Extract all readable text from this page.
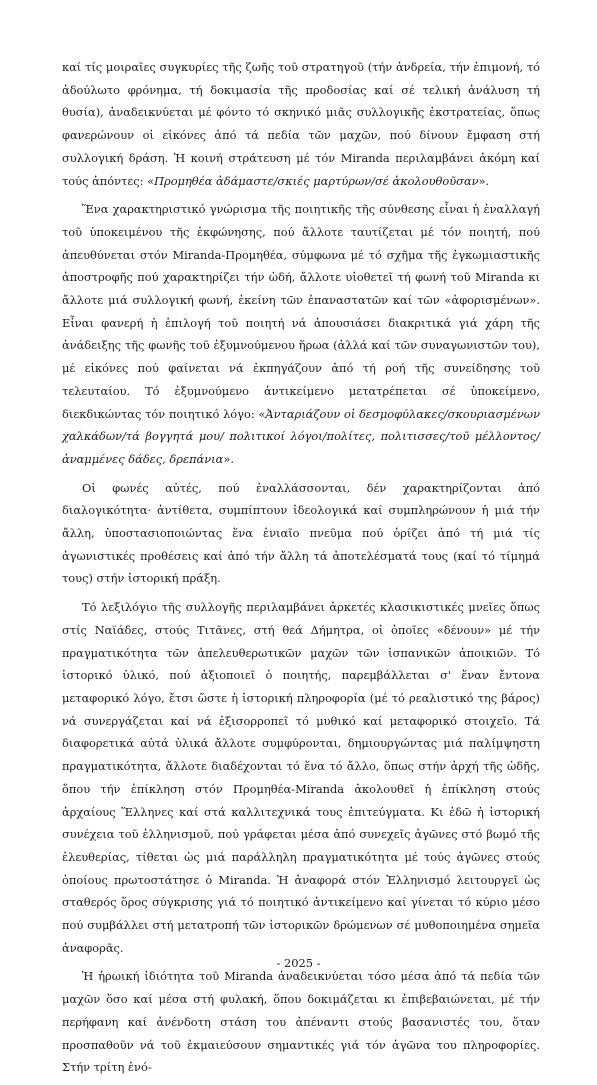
καί τίς μοιραῖες συγκυρίες τῆς ζωῆς τοῦ στρατηγοῦ (τήν ἀνδρεία, τήν ἐπιμονή, τό ἀδούλωτο φρόνημα, τή δοκιμασία τῆς προδοσίας καί σέ τελική ἀνάλυση τή θυσία), ἀναδεικνύεται μέ φόντο τό σκηνικό μιᾶς συλλογικῆς ἐκστρατείας, ὅπως φανερώνουν οἱ εἰκόνες ἀπό τά πεδία τῶν μαχῶν, πού δίνουν ἔμφαση στή συλλογική δράση. Ἡ κοινή στράτευση μέ τόν Miranda περιλαμβάνει ἀκόμη καί τούς ἀπόντες: «Προμηθέα ἀδάμαστε/σκιές μαρτύρων/σέ ἀκολουθοῦσαν».

Ἕνα χαρακτηριστικό γνώρισμα τῆς ποιητικῆς τῆς σύνθεσης εἶναι ἡ ἐναλλαγή τοῦ ὑποκειμένου τῆς ἐκφώνησης, πού ἄλλοτε ταυτίζεται μέ τόν ποιητή, πού ἀπευθύνεται στόν Miranda-Προμηθέα, σύμφωνα μέ τό σχῆμα τῆς ἐγκωμιαστικῆς ἀποστροφῆς πού χαρακτηρίζει τήν ὠδή, ἄλλοτε υἱοθετεῖ τή φωνή τοῦ Miranda κι ἄλλοτε μιά συλλογική φωνή, ἐκείνη τῶν ἐπαναστατῶν καί τῶν «ἀφορισμένων». Εἶναι φανερή ἡ ἐπιλογή τοῦ ποιητή νά ἀπουσιάσει διακριτικά γιά χάρη τῆς ἀνάδειξης τῆς φωνῆς τοῦ ἐξυμνούμενου ἥρωα (ἀλλά καί τῶν συναγωνιστῶν του), μέ εἰκόνες πού φαίνεται νά ἐκπηγάζουν ἀπό τή ροή τῆς συνείδησης τοῦ τελευταίου. Τό ἐξυμνούμενο ἀντικείμενο μετατρέπεται σέ ὑποκείμενο, διεκδικώντας τόν ποιητικό λόγο: «Ἀνταριάζουν οἱ δεσμοφύλακες/σκουριασμένων χαλκάδων/τά βογγητά μου/ πολιτικοί λόγοι/πολίτες, πολιτισσες/τοῦ μέλλοντος/ἀναμμένες δάδες, δρεπάνια».

Οἱ φωνές αὐτές, πού ἐναλλάσσονται, δέν χαρακτηρίζονται ἀπό διαλογικότητα· ἀντίθετα, συμπίπτουν ἰδεολογικά καί συμπληρώνουν ἡ μιά τήν ἄλλη, ὑποστασιοποιώντας ἕνα ἑνιαῖο πνεῦμα πού ὁρίζει ἀπό τή μιά τίς ἀγωνιστικές προθέσεις καί ἀπό τήν ἄλλη τά ἀποτελέσματά τους (καί τό τίμημά τους) στήν ἱστορική πράξη.

Τό λεξιλόγιο τῆς συλλογῆς περιλαμβάνει ἀρκετές κλασικιστικές μνεῖες ὅπως στίς Ναϊάδες, στούς Τιτᾶνες, στή θεά Δήμητρα, οἱ ὁποῖες «δένουν» μέ τήν πραγματικότητα τῶν ἀπελευθερωτικῶν μαχῶν τῶν ἱσπανικῶν ἀποικιῶν. Τό ἱστορικό ὑλικό, πού ἀξιοποιεῖ ὁ ποιητής, παρεμβάλλεται σ' ἕναν ἔντονα μεταφορικό λόγο, ἔτσι ὥστε ἡ ἱστορική πληροφορία (μέ τό ρεαλιστικό της βάρος) νά συνεργάζεται καί νά ἐξισορροπεῖ τό μυθικό καί μεταφορικό στοιχεῖο. Τά διαφορετικά αὐτά ὑλικά ἄλλοτε συμφύρονται, δημιουργώντας μιά παλίμψηστη πραγματικότητα, ἄλλοτε διαδέχονται τό ἕνα τό ἄλλο, ὅπως στήν ἀρχή τῆς ὠδῆς, ὅπου τήν ἐπίκληση στόν Προμηθέα-Miranda ἀκολουθεῖ ἡ ἐπίκληση στούς ἀρχαίους Ἕλληνες καί στά καλλιτεχνικά τους ἐπιτεύγματα. Κι ἐδῶ ἡ ἱστορική συνέχεια τοῦ ἑλληνισμοῦ, πού γράφεται μέσα ἀπό συνεχεῖς ἀγῶνες στό βωμό τῆς ἐλευθερίας, τίθεται ὡς μιά παράλληλη πραγματικότητα μέ τούς ἀγῶνες στούς ὁποίους πρωτοστάτησε ὁ Miranda. Ἡ ἀναφορά στόν Ἑλληνισμό λειτουργεῖ ὡς σταθερός ὅρος σύγκρισης γιά τό ποιητικό ἀντικείμενο καί γίνεται τό κύριο μέσο πού συμβάλλει στή μετατροπή τῶν ἱστορικῶν δρώμενων σέ μυθοποιημένα σημεῖα ἀναφορᾶς.

Ἡ ἡρωική ἰδιότητα τοῦ Miranda ἀναδεικνύεται τόσο μέσα ἀπό τά πεδία τῶν μαχῶν ὅσο καί μέσα στή φυλακή, ὅπου δοκιμάζεται κι ἐπιβεβαιώνεται, μέ τήν περήφανη καί ἀνένδοτη στάση του ἀπέναντι στούς βασανιστές του, ὅταν προσπαθοῦν νά τοῦ ἐκμαιεύσουν σημαντικές γιά τόν ἀγῶνα του πληροφορίες. Στήν τρίτη ἑνό-

- 2025 -
